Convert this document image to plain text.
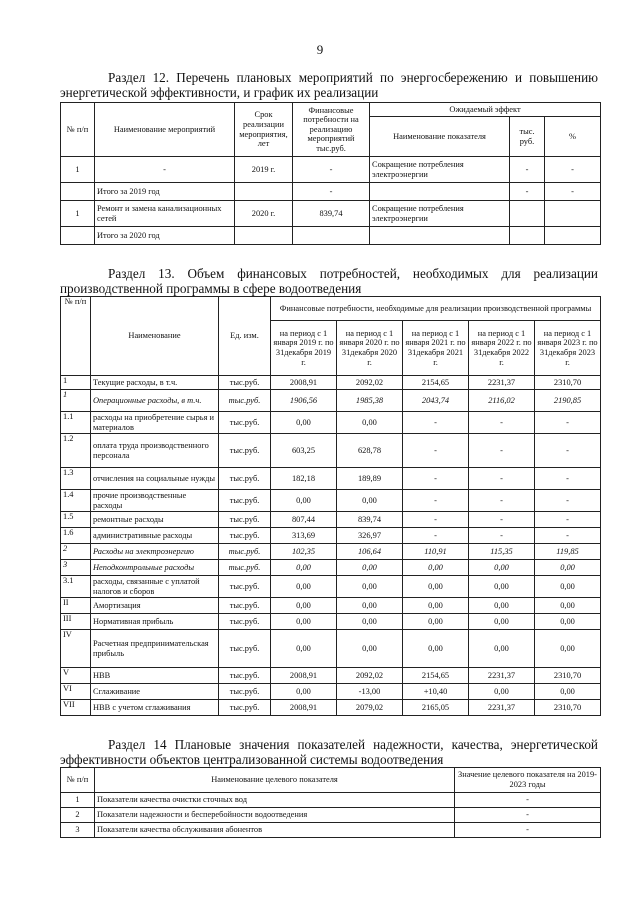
9
Раздел 12. Перечень плановых мероприятий по энергосбережению и повышению энергетической эффективности, и график их реализации
№ п/п	Наименование мероприятий	Срок реализации мероприятия, лет	Финансовые потребности на реализацию мероприятий тыс.руб.	Ожидаемый эффект		
				Наименование показателя	тыс. руб.	%
1	-	2019 г.	-	Сокращение потребления электроэнергии	-	-
	Итого за 2019 год		-		-	-
1	Ремонт и замена канализационных сетей	2020 г.	839,74	Сокращение потребления электроэнергии		
	Итого за 2020 год					
Раздел 13. Объем финансовых потребностей, необходимых для реализации производственной программы в сфере водоотведения
№ п/п	Наименование	Ед. изм.	Финансовые потребности, необходимые для реализации производственной программы				
			на период с 1 января 2019 г. по 31декабря 2019 г.	на период с 1 января 2020 г. по 31декабря 2020 г.	на период с 1 января 2021 г. по 31декабря 2021 г.	на период с 1 января 2022 г. по 31декабря 2022 г.	на период с 1 января 2023 г. по 31декабря 2023 г.
1	Текущие расходы, в т.ч.	тыс.руб.	2008,91	2092,02	2154,65	2231,37	2310,70
1	Операционные расходы, в т.ч.	тыс.руб.	1906,56	1985,38	2043,74	2116,02	2190,85
1.1	расходы на приобретение сырья и материалов	тыс.руб.	0,00	0,00	-	-	-
1.2	оплата труда производственного персонала	тыс.руб.	603,25	628,78	-	-	-
1.3	отчисления на социальные нужды	тыс.руб.	182,18	189,89	-	-	-
1.4	прочие производственные расходы	тыс.руб.	0,00	0,00	-	-	-
1.5	ремонтные расходы	тыс.руб.	807,44	839,74	-	-	-
1.6	административные расходы	тыс.руб.	313,69	326,97	-	-	-
2	Расходы на электроэнергию	тыс.руб.	102,35	106,64	110,91	115,35	119,85
3	Неподконтрольные расходы	тыс.руб.	0,00	0,00	0,00	0,00	0,00
3.1	расходы, связанные с уплатой налогов и сборов	тыс.руб.	0,00	0,00	0,00	0,00	0,00
II	Амортизация	тыс.руб.	0,00	0,00	0,00	0,00	0,00
III	Нормативная прибыль	тыс.руб.	0,00	0,00	0,00	0,00	0,00
IV	Расчетная предпринимательская прибыль	тыс.руб.	0,00	0,00	0,00	0,00	0,00
V	НВВ	тыс.руб.	2008,91	2092,02	2154,65	2231,37	2310,70
VI	Сглаживание	тыс.руб.	0,00	-13,00	+10,40	0,00	0,00
VII	НВВ с учетом сглаживания	тыс.руб.	2008,91	2079,02	2165,05	2231,37	2310,70
Раздел 14 Плановые значения показателей надежности, качества, энергетической эффективности объектов централизованной системы водоотведения
№ п/п	Наименование целевого показателя	Значение целевого показателя на 2019-2023 годы
1	Показатели качества очистки сточных вод	-
2	Показатели надежности и бесперебойности водоотведения	-
3	Показатели качества обслуживания абонентов	-
